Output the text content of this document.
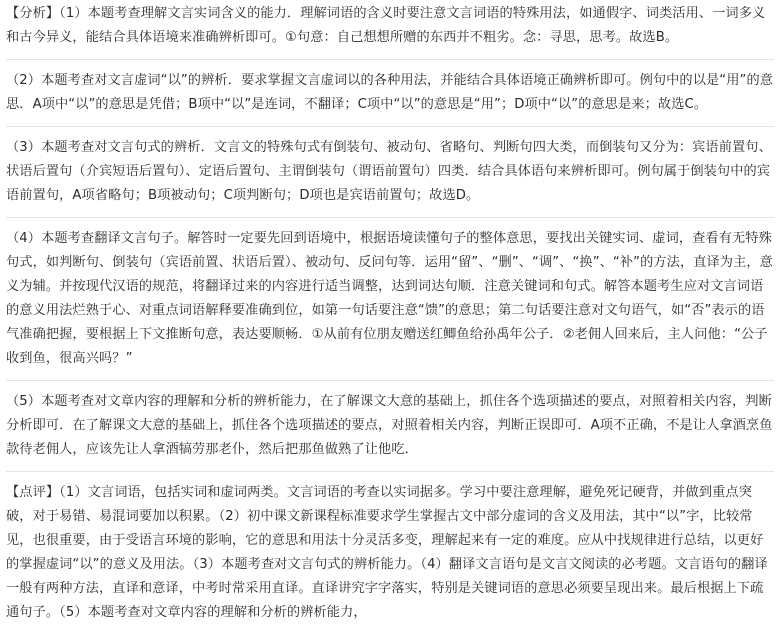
【分析】（1）本题考查理解文言实词含义的能力．理解词语的含义时要注意文言词语的特殊用法，如通假字、词类活用、一词多义和古今异义，能结合具体语境来准确辨析即可。①句意：自己想想所赠的东西并不粗劣。念：寻思，思考。故选B。

（2）本题考查对文言虚词“以”的辨析．要求掌握文言虚词以的各种用法，并能结合具体语境正确辨析即可。例句中的以是“用”的意思．A项中“以”的意思是凭借；B项中“以”是连词，不翻译；C项中“以”的意思是“用”；D项中“以”的意思是来；故选C。

（3）本题考查对文言句式的辨析．文言文的特殊句式有倒装句、被动句、省略句、判断句四大类，而倒装句又分为：宾语前置句、状语后置句（介宾短语后置句）、定语后置句、主谓倒装句（谓语前置句）四类．结合具体语句来辨析即可。例句属于倒装句中的宾语前置句，A项省略句；B项被动句；C项判断句；D项也是宾语前置句；故选D。

（4）本题考查翻译文言句子。解答时一定要先回到语境中，根据语境读懂句子的整体意思，要找出关键实词、虚词，查看有无特殊句式，如判断句、倒装句（宾语前置、状语后置）、被动句、反问句等．运用“留”、“删”、“调”、“换”、“补”的方法，直译为主，意义为辅。并按现代汉语的规范，将翻译过来的内容进行适当调整，达到词达句顺．注意关键词和句式。解答本题考生应对文言词语的意义用法烂熟于心、对重点词语解释要准确到位，如第一句话要注意“馈”的意思；第二句话要注意对文句语气，如“否”表示的语气准确把握，要根据上下文推断句意，表达要顺畅．①从前有位朋友赠送红鲫鱼给孙禹年公子．②老佣人回来后，主人问他：“公子收到鱼，很高兴吗？”

（5）本题考查对文章内容的理解和分析的辨析能力，在了解课文大意的基础上，抓住各个选项描述的要点，对照着相关内容，判断分析即可．在了解课文大意的基础上，抓住各个选项描述的要点，对照着相关内容，判断正误即可．A项不正确，不是让人拿酒烹鱼款待老佣人，应该先让人拿酒犒劳那老仆，然后把那鱼做熟了让他吃．

【点评】（1）文言词语，包括实词和虚词两类。文言词语的考查以实词据多。学习中要注意理解，避免死记硬背，并做到重点突破，对于易错、易混词要加以积累。（2）初中课文新课程标准要求学生掌握古文中部分虚词的含义及用法，其中“以”字，比较常见，也很重要，由于受语言环境的影响，它的意思和用法十分灵活多变，理解起来有一定的难度。应从中找规律进行总结，以更好的掌握虚词“以”的意义及用法。（3）本题考查对文言句式的辨析能力。（4）翻译文言语句是文言文阅读的必考题。文言语句的翻译一般有两种方法，直译和意译，中考时常采用直译。直译讲究字字落实，特别是关键词语的意思必须要呈现出来。最后根据上下疏通句子。（5）本题考查对文章内容的理解和分析的辨析能力，
